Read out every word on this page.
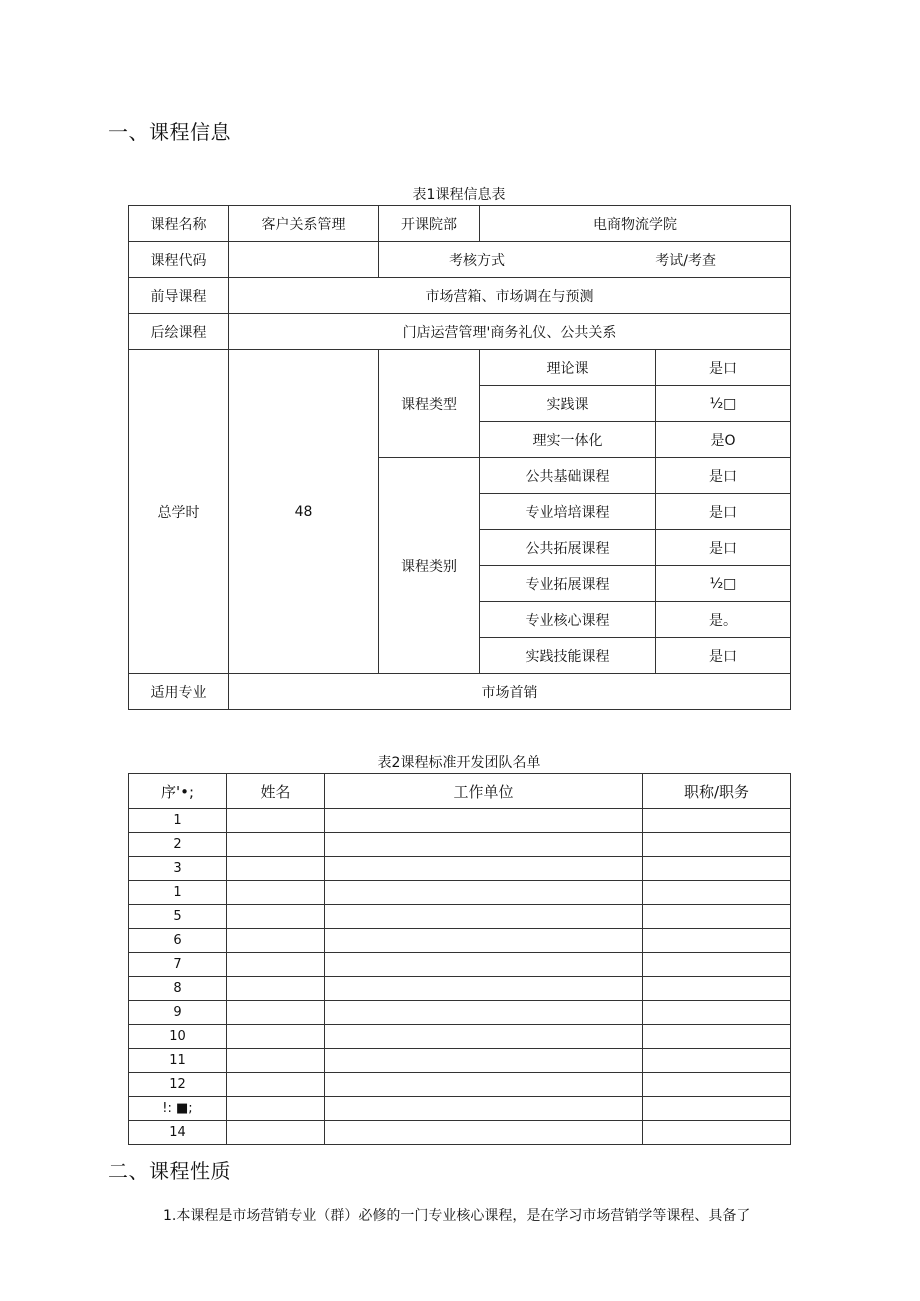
一、课程信息

表1课程信息表

课程名称	客户关系管理	开课院部	电商物流学院	
课程代码		考核方式 考试/考查		

前导课程	市场营箱、市场调在与预测			
后绘课程	门店运营管理'商务礼仪、公共关系			
总学时	48	课程类型	理论课	是口
			实践课	½□
			理实一体化	是O
		课程类别	公共基础课程	是口
			专业培培课程	是口
			公共拓展课程	是口
			专业拓展课程	½□
			专业核心课程	是。
			实践技能课程	是口
适用专业	市场首销			

表2课程标准开发团队名单

序'•;	姓名	工作单位	职称/职务
1			
2			
3			
1			
5			
6			
7			
8			
9			
10			
11			
12			
!: ■;			
14			
二、课程性质

1.本课程是市场营销专业（群）必修的一门专业核心课程，是在学习市场营销学等课程、具备了
